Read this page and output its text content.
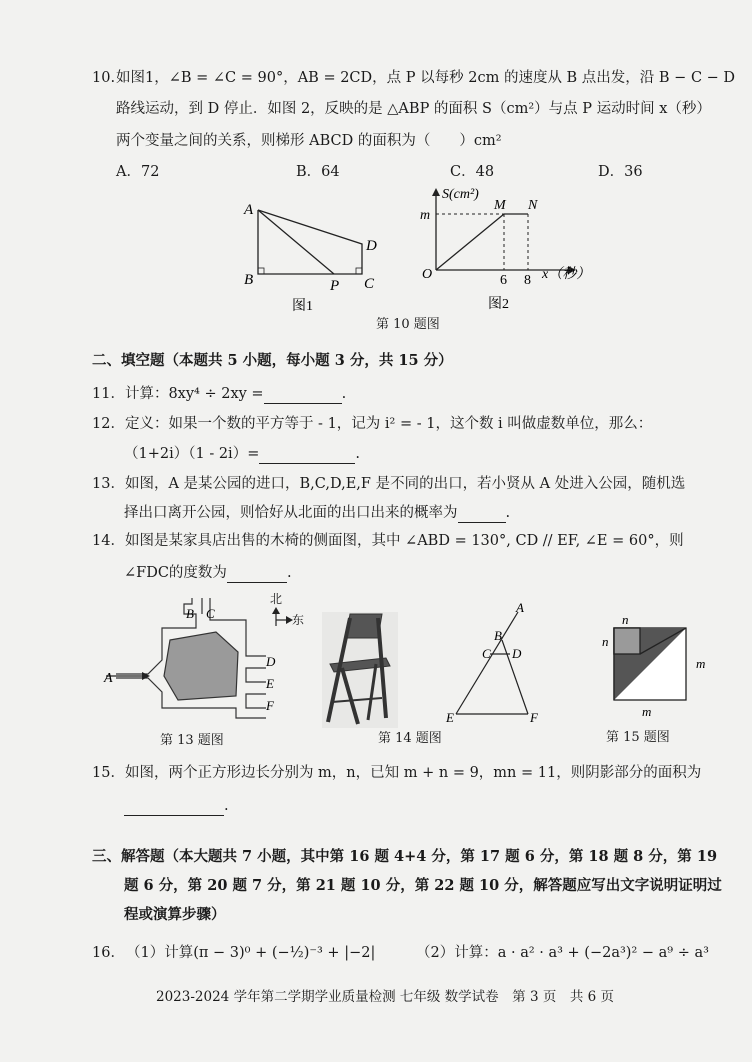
10. 如图1，∠B = ∠C = 90°，AB = 2CD，点 P 以每秒 2cm 的速度从 B 点出发，沿 B − C − D
路线运动，到 D 停止．如图 2，反映的是 △ABP 的面积 S（cm²）与点 P 运动时间 x（秒）
两个变量之间的关系，则梯形 ABCD 的面积为（　　）cm²
A．72	B．64	C．48	D．36
A
B
D
C
P
图1
S(cm²)
m
M N
O	6 8 x（秒）
图2
第 10 题图
二、填空题（本题共 5 小题，每小题 3 分，共 15 分）
11．计算：8xy⁴ ÷ 2xy =	.
12．定义：如果一个数的平方等于 - 1，记为 i² = - 1，这个数 i 叫做虚数单位，那么：
（1+2i）（1 - 2i）=	.
13．如图，A 是某公园的进口，B,C,D,E,F 是不同的出口，若小贤从 A 处进入公园，随机选
择出口离开公园，则恰好从北面的出口出来的概率为	.
14．如图是某家具店出售的木椅的侧面图，其中 ∠ABD = 130°, CD // EF, ∠E = 60°，则
∠FDC的度数为	.
A
B C
D
E
F
北
东
第 13 题图	第 14 题图
A
B
C D
E	F
n
n
m
m
第 15 题图
15．如图，两个正方形边长分别为 m，n，已知 m + n = 9，mn = 11，则阴影部分的面积为
.
三、解答题（本大题共 7 小题，其中第 16 题 4+4 分，第 17 题 6 分，第 18 题 8 分，第 19
题 6 分，第 20 题 7 分，第 21 题 10 分，第 22 题 10 分，解答题应写出文字说明证明过
程或演算步骤）
16． （1）计算(π − 3)⁰ + (−½)⁻³ + |−2|	（2）计算：a · a² · a³ + (−2a³)² − a⁹ ÷ a³
2023-2024 学年第二学期学业质量检测 七年级 数学试卷　第 3 页　共 6 页
